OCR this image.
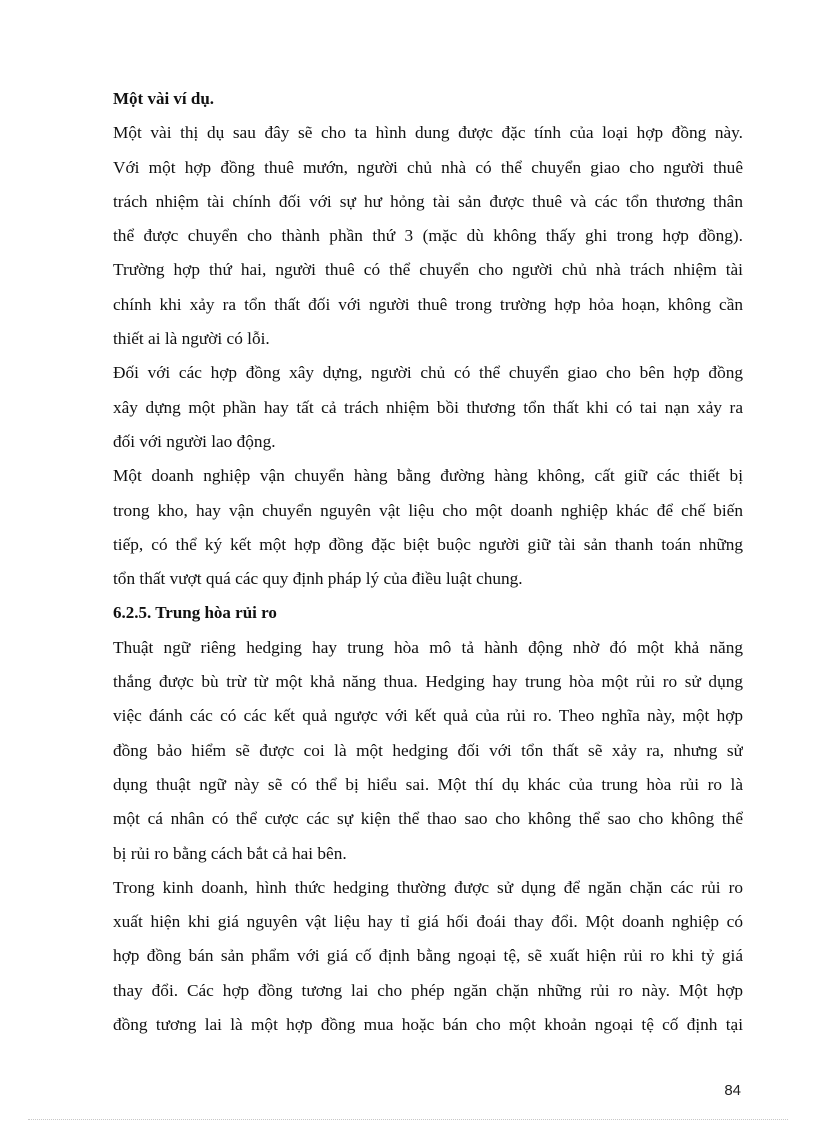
Một vài ví dụ.
Một vài thị dụ sau đây sẽ cho ta hình dung được đặc tính của loại hợp đồng này.
Với một hợp đồng thuê mướn, người chủ nhà có thể chuyển giao cho người thuê
trách nhiệm tài chính đối với sự hư hỏng tài sản được thuê và các tổn thương thân
thể được chuyển cho thành phần thứ 3 (mặc dù không thấy ghi trong hợp đồng).
Trường hợp thứ hai, người thuê có thể chuyển cho người chủ nhà trách nhiệm tài
chính khi xảy ra tổn thất đối với người thuê trong trường hợp hỏa hoạn, không cần
thiết ai là người có lỗi.
Đối với các hợp đồng xây dựng, người chủ có thể chuyển giao cho bên hợp đồng
xây dựng một phần hay tất cả trách nhiệm bồi thương tổn thất khi có tai nạn xảy ra
đối với người lao động.
Một doanh nghiệp vận chuyển hàng bằng đường hàng không, cất giữ các thiết bị
trong kho, hay vận chuyển nguyên vật liệu cho một doanh nghiệp khác để chế biến
tiếp, có thể ký kết một hợp đồng đặc biệt buộc người giữ tài sản thanh toán những
tổn thất vượt quá các quy định pháp lý của điều luật chung.
6.2.5. Trung hòa rủi ro
Thuật ngữ riêng hedging hay trung hòa mô tả hành động nhờ đó một khả năng
thắng được bù trừ từ một khả năng thua. Hedging hay trung hòa một rủi ro sử dụng
việc đánh các có các kết quả ngược với kết quả của rủi ro. Theo nghĩa này, một hợp
đồng bảo hiểm sẽ được coi là một hedging đối với tổn thất sẽ xảy ra, nhưng sử
dụng thuật ngữ này sẽ có thể bị hiểu sai. Một thí dụ khác của trung hòa rủi ro là
một cá nhân có thể cược các sự kiện thể thao sao cho không thể sao cho không thể
bị rủi ro bằng cách bắt cả hai bên.
Trong kinh doanh, hình thức hedging thường được sử dụng để ngăn chặn các rủi ro
xuất hiện khi giá nguyên vật liệu hay tỉ giá hối đoái thay đổi. Một doanh nghiệp có
hợp đồng bán sản phẩm với giá cố định bằng ngoại tệ, sẽ xuất hiện rủi ro khi tỷ giá
thay đổi. Các hợp đồng tương lai cho phép ngăn chặn những rủi ro này. Một hợp
đồng tương lai là một hợp đồng mua hoặc bán cho một khoản ngoại tệ cố định tại
84
